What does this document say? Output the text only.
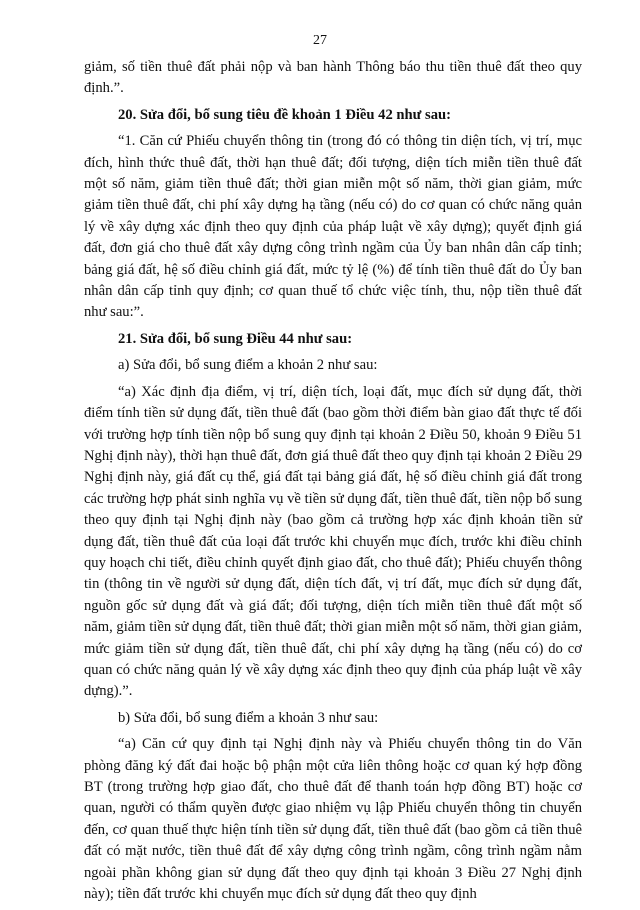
27

giảm, số tiền thuê đất phải nộp và ban hành Thông báo thu tiền thuê đất theo quy định.”.

20. Sửa đổi, bổ sung tiêu đề khoản 1 Điều 42 như sau:

“1. Căn cứ Phiếu chuyển thông tin (trong đó có thông tin diện tích, vị trí, mục đích, hình thức thuê đất, thời hạn thuê đất; đối tượng, diện tích miễn tiền thuê đất một số năm, giảm tiền thuê đất; thời gian miễn một số năm, thời gian giảm, mức giảm tiền thuê đất, chi phí xây dựng hạ tầng (nếu có) do cơ quan có chức năng quản lý về xây dựng xác định theo quy định của pháp luật về xây dựng); quyết định giá đất, đơn giá cho thuê đất xây dựng công trình ngầm của Ủy ban nhân dân cấp tỉnh; bảng giá đất, hệ số điều chỉnh giá đất, mức tỷ lệ (%) để tính tiền thuê đất do Ủy ban nhân dân cấp tỉnh quy định; cơ quan thuế tổ chức việc tính, thu, nộp tiền thuê đất như sau:”.

21. Sửa đổi, bổ sung Điều 44 như sau:

a) Sửa đổi, bổ sung điểm a khoản 2 như sau:

“a) Xác định địa điểm, vị trí, diện tích, loại đất, mục đích sử dụng đất, thời điểm tính tiền sử dụng đất, tiền thuê đất (bao gồm thời điểm bàn giao đất thực tế đối với trường hợp tính tiền nộp bổ sung quy định tại khoản 2 Điều 50, khoản 9 Điều 51 Nghị định này), thời hạn thuê đất, đơn giá thuê đất theo quy định tại khoản 2 Điều 29 Nghị định này, giá đất cụ thể, giá đất tại bảng giá đất, hệ số điều chỉnh giá đất trong các trường hợp phát sinh nghĩa vụ về tiền sử dụng đất, tiền thuê đất, tiền nộp bổ sung theo quy định tại Nghị định này (bao gồm cả trường hợp xác định khoản tiền sử dụng đất, tiền thuê đất của loại đất trước khi chuyển mục đích, trước khi điều chỉnh quy hoạch chi tiết, điều chỉnh quyết định giao đất, cho thuê đất); Phiếu chuyển thông tin (thông tin về người sử dụng đất, diện tích đất, vị trí đất, mục đích sử dụng đất, nguồn gốc sử dụng đất và giá đất; đối tượng, diện tích miễn tiền thuê đất một số năm, giảm tiền sử dụng đất, tiền thuê đất; thời gian miễn một số năm, thời gian giảm, mức giảm tiền sử dụng đất, tiền thuê đất, chi phí xây dựng hạ tầng (nếu có) do cơ quan có chức năng quản lý về xây dựng xác định theo quy định của pháp luật về xây dựng).”.

b) Sửa đổi, bổ sung điểm a khoản 3 như sau:

“a) Căn cứ quy định tại Nghị định này và Phiếu chuyển thông tin do Văn phòng đăng ký đất đai hoặc bộ phận một cửa liên thông hoặc cơ quan ký hợp đồng BT (trong trường hợp giao đất, cho thuê đất để thanh toán hợp đồng BT) hoặc cơ quan, người có thẩm quyền được giao nhiệm vụ lập Phiếu chuyển thông tin chuyển đến, cơ quan thuế thực hiện tính tiền sử dụng đất, tiền thuê đất (bao gồm cả tiền thuê đất có mặt nước, tiền thuê đất để xây dựng công trình ngầm, công trình ngầm nằm ngoài phần không gian sử dụng đất theo quy định tại khoản 3 Điều 27 Nghị định này); tiền đất trước khi chuyển mục đích sử dụng đất theo quy định
